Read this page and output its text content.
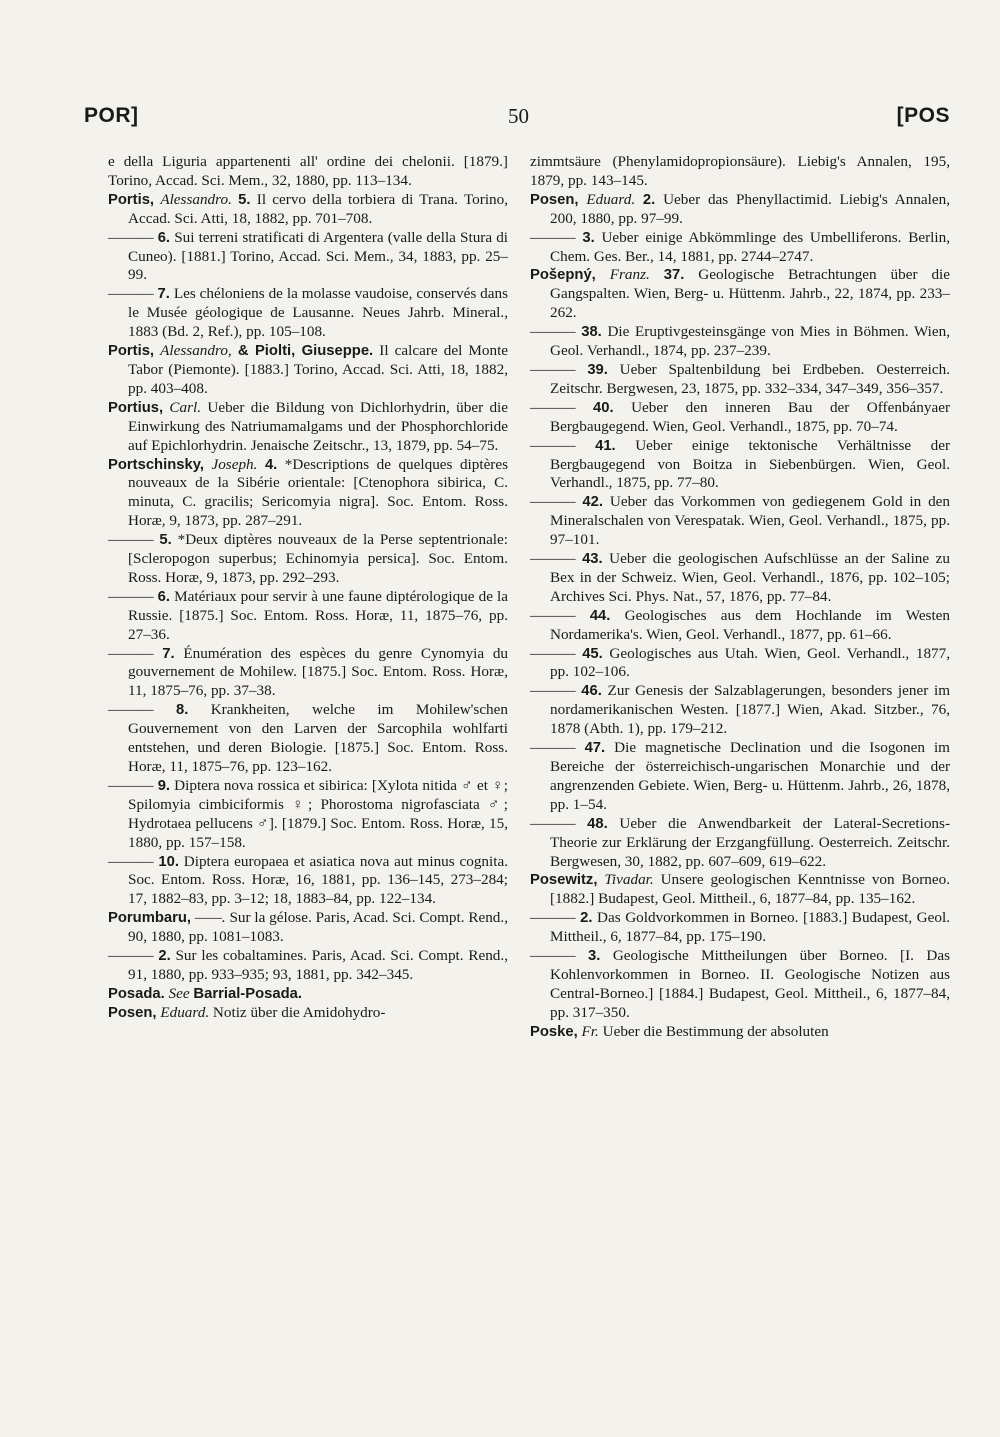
POR]	50	[POS

e della Liguria appartenenti all' ordine dei chelonii. [1879.] Torino, Accad. Sci. Mem., 32, 1880, pp. 113–134.

Portis, Alessandro. 5. Il cervo della torbiera di Trana. Torino, Accad. Sci. Atti, 18, 1882, pp. 701–708.

——— 6. Sui terreni stratificati di Argentera (valle della Stura di Cuneo). [1881.] Torino, Accad. Sci. Mem., 34, 1883, pp. 25–99.

——— 7. Les chéloniens de la molasse vaudoise, conservés dans le Musée géologique de Lausanne. Neues Jahrb. Mineral., 1883 (Bd. 2, Ref.), pp. 105–108.

Portis, Alessandro, & Piolti, Giuseppe. Il calcare del Monte Tabor (Piemonte). [1883.] Torino, Accad. Sci. Atti, 18, 1882, pp. 403–408.

Portius, Carl. Ueber die Bildung von Dichlorhydrin, über die Einwirkung des Natriumamalgams und der Phosphorchloride auf Epichlorhydrin. Jenaische Zeitschr., 13, 1879, pp. 54–75.

Portschinsky, Joseph. 4. *Descriptions de quelques diptères nouveaux de la Sibérie orientale: [Ctenophora sibirica, C. minuta, C. gracilis; Sericomyia nigra]. Soc. Entom. Ross. Horæ, 9, 1873, pp. 287–291.

——— 5. *Deux diptères nouveaux de la Perse septentrionale: [Scleropogon superbus; Echinomyia persica]. Soc. Entom. Ross. Horæ, 9, 1873, pp. 292–293.

——— 6. Matériaux pour servir à une faune diptérologique de la Russie. [1875.] Soc. Entom. Ross. Horæ, 11, 1875–76, pp. 27–36.

——— 7. Énumération des espèces du genre Cynomyia du gouvernement de Mohilew. [1875.] Soc. Entom. Ross. Horæ, 11, 1875–76, pp. 37–38.

——— 8. Krankheiten, welche im Mohilew'schen Gouvernement von den Larven der Sarcophila wohlfarti entstehen, und deren Biologie. [1875.] Soc. Entom. Ross. Horæ, 11, 1875–76, pp. 123–162.

——— 9. Diptera nova rossica et sibirica: [Xylota nitida ♂ et ♀; Spilomyia cimbiciformis ♀; Phorostoma nigrofasciata ♂; Hydrotaea pellucens ♂]. [1879.] Soc. Entom. Ross. Horæ, 15, 1880, pp. 157–158.

——— 10. Diptera europaea et asiatica nova aut minus cognita. Soc. Entom. Ross. Horæ, 16, 1881, pp. 136–145, 273–284; 17, 1882–83, pp. 3–12; 18, 1883–84, pp. 122–134.

Porumbaru, ——. Sur la gélose. Paris, Acad. Sci. Compt. Rend., 90, 1880, pp. 1081–1083.

——— 2. Sur les cobaltamines. Paris, Acad. Sci. Compt. Rend., 91, 1880, pp. 933–935; 93, 1881, pp. 342–345.

Posada. See Barrial-Posada.

Posen, Eduard. Notiz über die Amidohydro-

zimmtsäure (Phenylamidopropionsäure). Liebig's Annalen, 195, 1879, pp. 143–145.

Posen, Eduard. 2. Ueber das Phenyllactimid. Liebig's Annalen, 200, 1880, pp. 97–99.

——— 3. Ueber einige Abkömmlinge des Umbelliferons. Berlin, Chem. Ges. Ber., 14, 1881, pp. 2744–2747.

Pošepný, Franz. 37. Geologische Betrachtungen über die Gangspalten. Wien, Berg- u. Hüttenm. Jahrb., 22, 1874, pp. 233–262.

——— 38. Die Eruptivgesteinsgänge von Mies in Böhmen. Wien, Geol. Verhandl., 1874, pp. 237–239.

——— 39. Ueber Spaltenbildung bei Erdbeben. Oesterreich. Zeitschr. Bergwesen, 23, 1875, pp. 332–334, 347–349, 356–357.

——— 40. Ueber den inneren Bau der Offenbányaer Bergbaugegend. Wien, Geol. Verhandl., 1875, pp. 70–74.

——— 41. Ueber einige tektonische Verhältnisse der Bergbaugegend von Boitza in Siebenbürgen. Wien, Geol. Verhandl., 1875, pp. 77–80.

——— 42. Ueber das Vorkommen von gediegenem Gold in den Mineralschalen von Verespatak. Wien, Geol. Verhandl., 1875, pp. 97–101.

——— 43. Ueber die geologischen Aufschlüsse an der Saline zu Bex in der Schweiz. Wien, Geol. Verhandl., 1876, pp. 102–105; Archives Sci. Phys. Nat., 57, 1876, pp. 77–84.

——— 44. Geologisches aus dem Hochlande im Westen Nordamerika's. Wien, Geol. Verhandl., 1877, pp. 61–66.

——— 45. Geologisches aus Utah. Wien, Geol. Verhandl., 1877, pp. 102–106.

——— 46. Zur Genesis der Salzablagerungen, besonders jener im nordamerikanischen Westen. [1877.] Wien, Akad. Sitzber., 76, 1878 (Abth. 1), pp. 179–212.

——— 47. Die magnetische Declination und die Isogonen im Bereiche der österreichisch-ungarischen Monarchie und der angrenzenden Gebiete. Wien, Berg- u. Hüttenm. Jahrb., 26, 1878, pp. 1–54.

——— 48. Ueber die Anwendbarkeit der Lateral-Secretions-Theorie zur Erklärung der Erzgangfüllung. Oesterreich. Zeitschr. Bergwesen, 30, 1882, pp. 607–609, 619–622.

Posewitz, Tivadar. Unsere geologischen Kenntnisse von Borneo. [1882.] Budapest, Geol. Mittheil., 6, 1877–84, pp. 135–162.

——— 2. Das Goldvorkommen in Borneo. [1883.] Budapest, Geol. Mittheil., 6, 1877–84, pp. 175–190.

——— 3. Geologische Mittheilungen über Borneo. [I. Das Kohlenvorkommen in Borneo. II. Geologische Notizen aus Central-Borneo.] [1884.] Budapest, Geol. Mittheil., 6, 1877–84, pp. 317–350.

Poske, Fr. Ueber die Bestimmung der absoluten
